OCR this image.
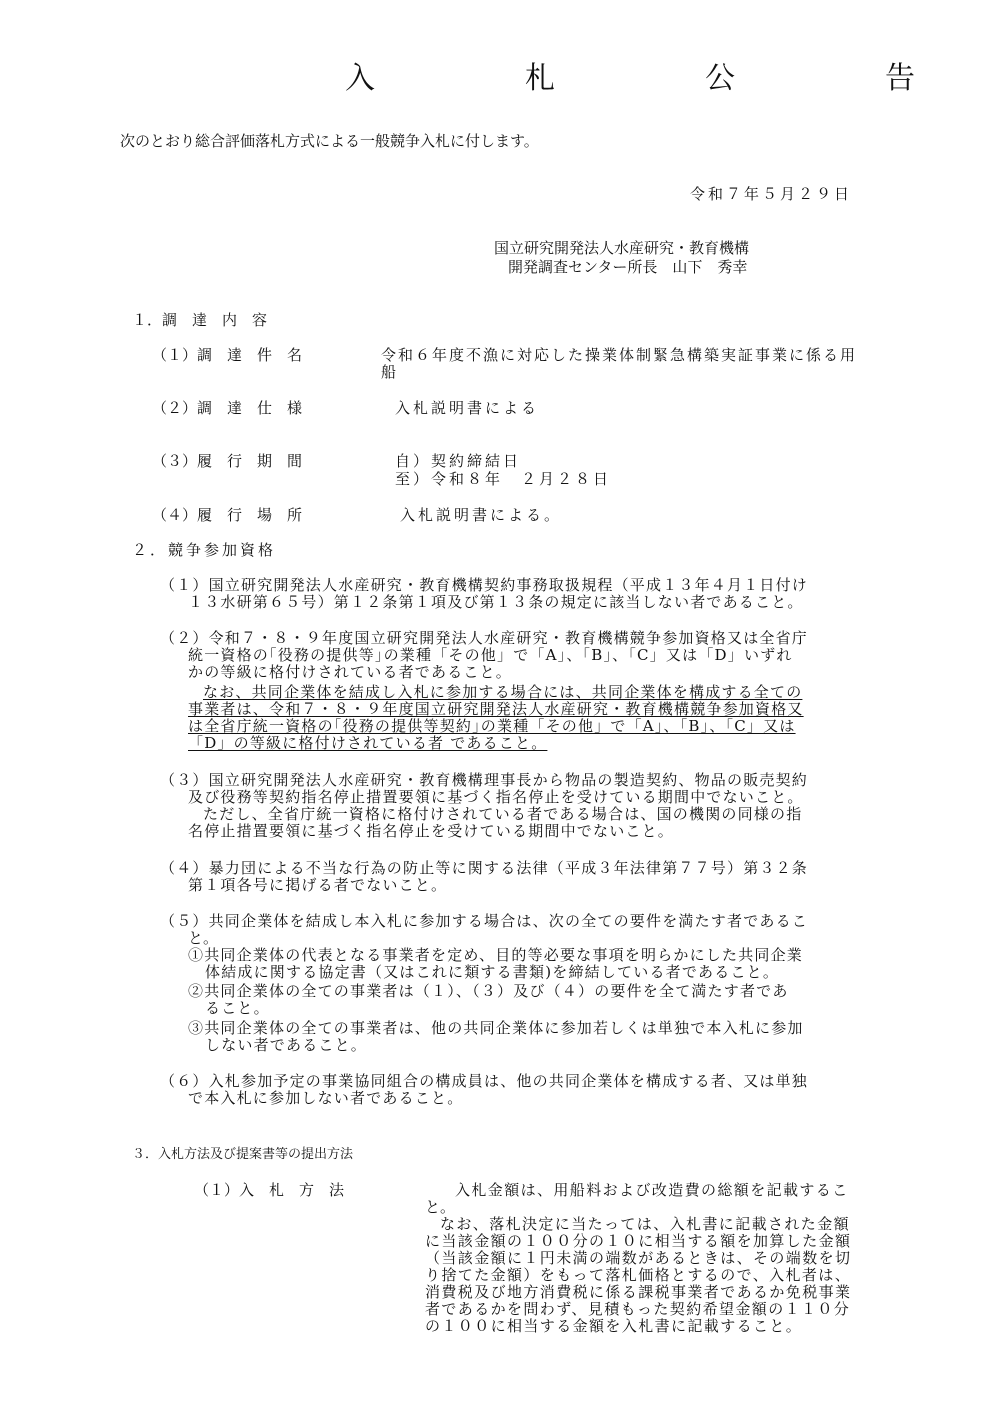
入　札　公　告
次のとおり総合評価落札方式による一般競争入札に付します。
令和７年５月２９日
国立研究開発法人水産研究・教育機構
開発調査センター所長　山下　秀幸
１．調　達　内　容
（１）調　達　件　名	令和６年度不漁に対応した操業体制緊急構築実証事業に係る用
船
（２）調　達　仕　様	入札説明書による
（３）履　行　期　間	自）契約締結日
至）令和８年　２月２８日
（４）履　行　場　所	入札説明書による。
２．競争参加資格
（１）国立研究開発法人水産研究・教育機構契約事務取扱規程（平成１３年４月１日付け
１３水研第６５号）第１２条第１項及び第１３条の規定に該当しない者であること。
（２）令和７・８・９年度国立研究開発法人水産研究・教育機構競争参加資格又は全省庁
統一資格の｢役務の提供等｣の業種「その他」で「A」、「B」、「C」又は「D」いずれ
かの等級に格付けされている者であること。
なお、共同企業体を結成し入札に参加する場合には、共同企業体を構成する全ての
事業者は、令和７・８・９年度国立研究開発法人水産研究・教育機構競争参加資格又
は全省庁統一資格の｢役務の提供等契約｣の業種「その他」で「A」、「B」、「C」又は
「D」の等級に格付けされている者 であること。
（３）国立研究開発法人水産研究・教育機構理事長から物品の製造契約、物品の販売契約
及び役務等契約指名停止措置要領に基づく指名停止を受けている期間中でないこと。
ただし、全省庁統一資格に格付けされている者である場合は、国の機関の同様の指
名停止措置要領に基づく指名停止を受けている期間中でないこと。
（４）暴力団による不当な行為の防止等に関する法律（平成３年法律第７７号）第３２条
第１項各号に掲げる者でないこと。
（５）共同企業体を結成し本入札に参加する場合は、次の全ての要件を満たす者であるこ
と。
①共同企業体の代表となる事業者を定め、目的等必要な事項を明らかにした共同企業
体結成に関する協定書（又はこれに類する書類)を締結している者であること。
②共同企業体の全ての事業者は（１）、（３）及び（４）の要件を全て満たす者であ
ること。
③共同企業体の全ての事業者は、他の共同企業体に参加若しくは単独で本入札に参加
しない者であること。
（６）入札参加予定の事業協同組合の構成員は、他の共同企業体を構成する者、又は単独
で本入札に参加しない者であること。
３．入札方法及び提案書等の提出方法
（１）入　札　方　法	入札金額は、用船料および改造費の総額を記載するこ
と。
なお、落札決定に当たっては、入札書に記載された金額
に当該金額の１００分の１０に相当する額を加算した金額
（当該金額に１円未満の端数があるときは、その端数を切
り捨てた金額）をもって落札価格とするので、入札者は、
消費税及び地方消費税に係る課税事業者であるか免税事業
者であるかを問わず、見積もった契約希望金額の１１０分
の１００に相当する金額を入札書に記載すること。
